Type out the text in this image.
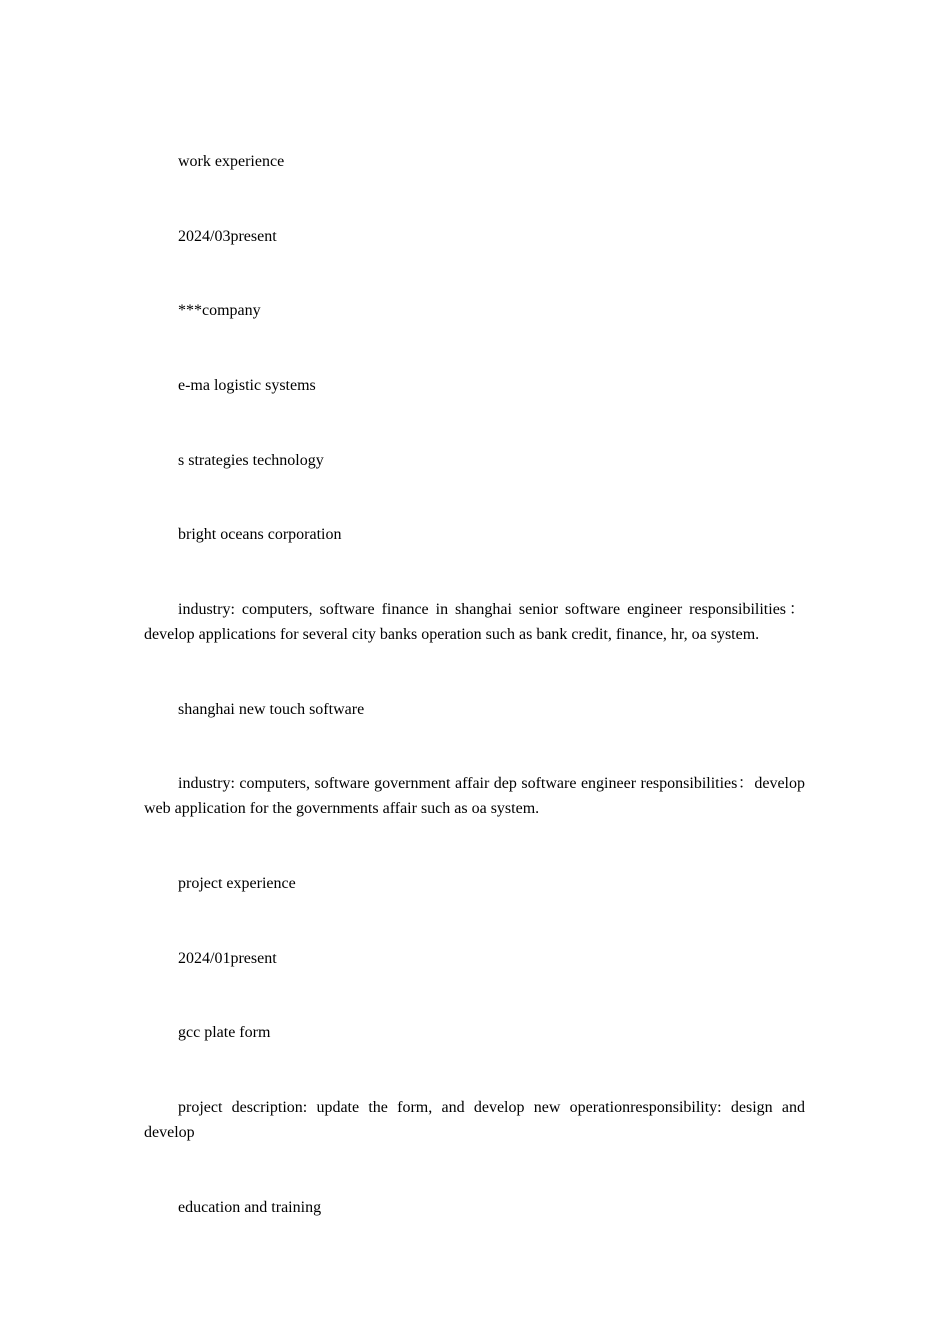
work experience

2024/03present

***company

e-ma logistic systems

s strategies technology

bright oceans corporation

industry: computers, software finance in shanghai senior software engineer responsibilities：develop applications for several city banks operation such as bank credit, finance, hr, oa system.

shanghai new touch software

industry: computers, software government affair dep software engineer responsibilities：develop web application for the governments affair such as oa system.

project experience

2024/01present

gcc plate form

project description: update the form, and develop new operationresponsibility: design and develop

education and training
